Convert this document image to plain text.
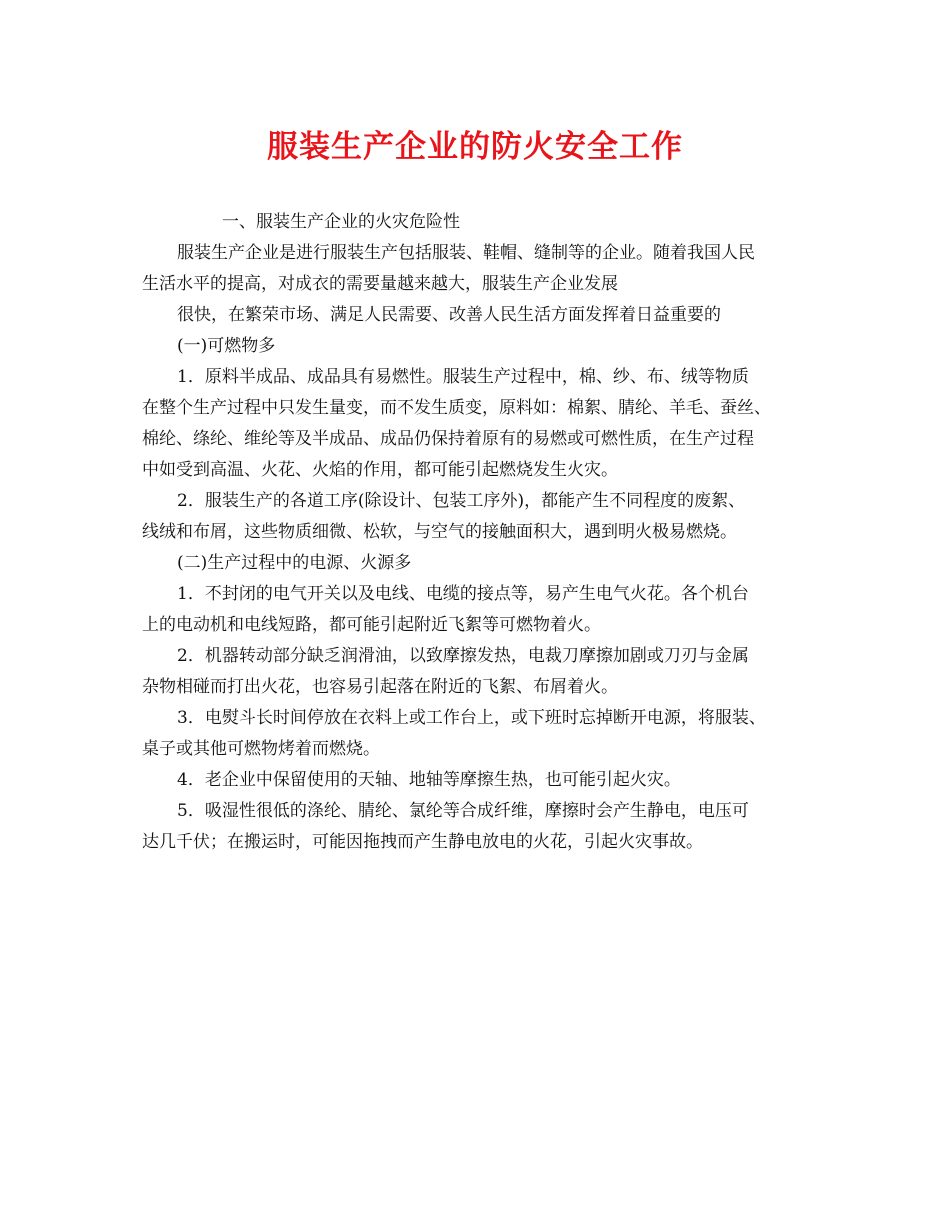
服装生产企业的防火安全工作
一、服装生产企业的火灾危险性
服装生产企业是进行服装生产包括服装、鞋帽、缝制等的企业。随着我国人民
生活水平的提高，对成衣的需要量越来越大，服装生产企业发展
很快，在繁荣市场、满足人民需要、改善人民生活方面发挥着日益重要的
(一)可燃物多
1．原料半成品、成品具有易燃性。服装生产过程中，棉、纱、布、绒等物质
在整个生产过程中只发生量变，而不发生质变，原料如：棉絮、腈纶、羊毛、蚕丝、
棉纶、绦纶、维纶等及半成品、成品仍保持着原有的易燃或可燃性质，在生产过程
中如受到高温、火花、火焰的作用，都可能引起燃烧发生火灾。
2．服装生产的各道工序(除设计、包装工序外)，都能产生不同程度的废絮、
线绒和布屑，这些物质细微、松软，与空气的接触面积大，遇到明火极易燃烧。
(二)生产过程中的电源、火源多
1．不封闭的电气开关以及电线、电缆的接点等，易产生电气火花。各个机台
上的电动机和电线短路，都可能引起附近飞絮等可燃物着火。
2．机器转动部分缺乏润滑油，以致摩擦发热，电裁刀摩擦加剧或刀刃与金属
杂物相碰而打出火花，也容易引起落在附近的飞絮、布屑着火。
3．电熨斗长时间停放在衣料上或工作台上，或下班时忘掉断开电源，将服装、
桌子或其他可燃物烤着而燃烧。
4．老企业中保留使用的天轴、地轴等摩擦生热，也可能引起火灾。
5．吸湿性很低的涤纶、腈纶、氯纶等合成纤维，摩擦时会产生静电，电压可
达几千伏；在搬运时，可能因拖拽而产生静电放电的火花，引起火灾事故。
